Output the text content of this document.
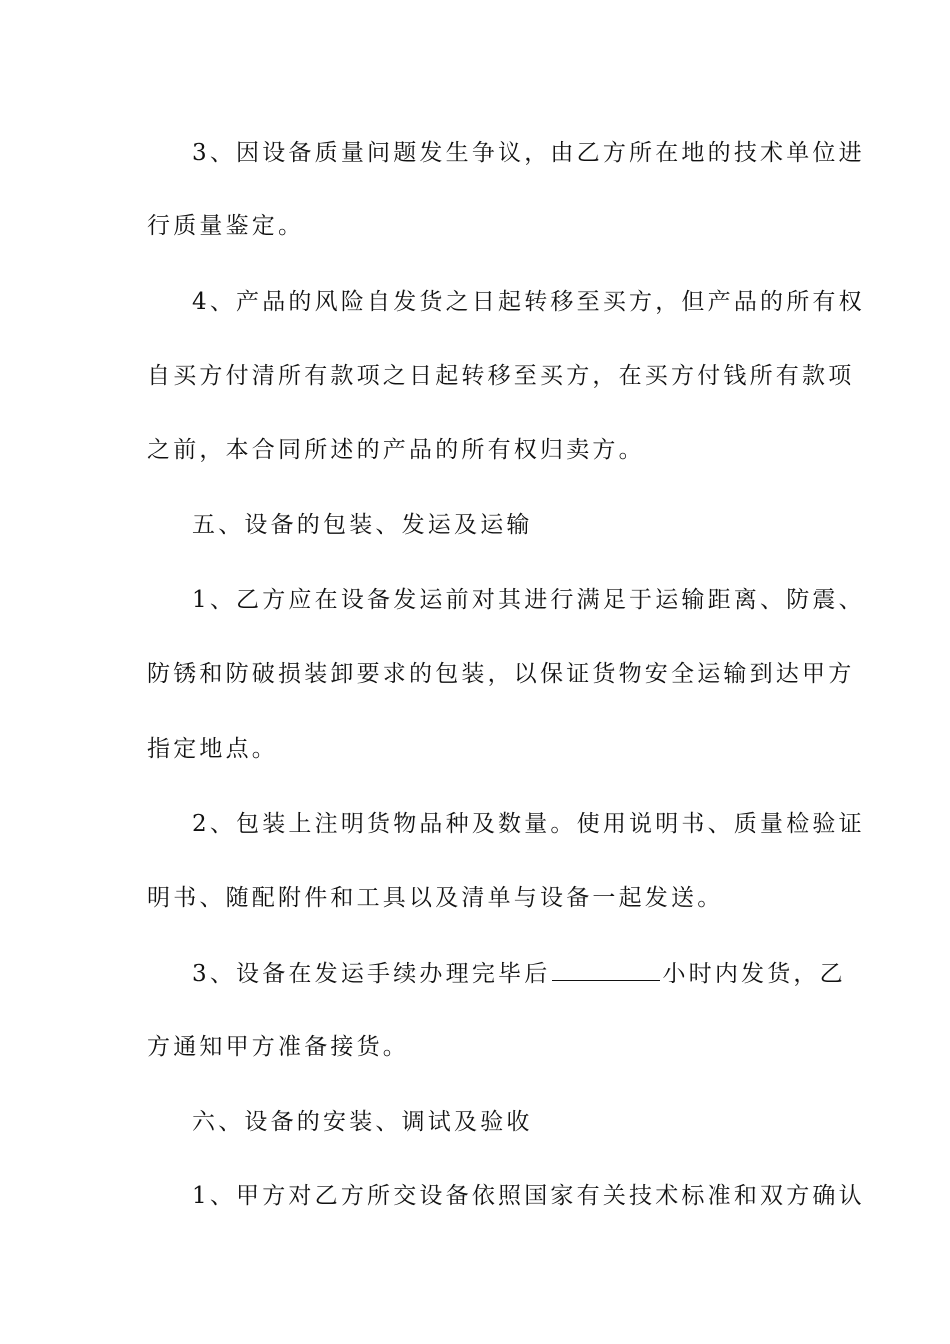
3、因设备质量问题发生争议，由乙方所在地的技术单位进
行质量鉴定。
4、产品的风险自发货之日起转移至买方，但产品的所有权
自买方付清所有款项之日起转移至买方，在买方付钱所有款项
之前，本合同所述的产品的所有权归卖方。
五、设备的包装、发运及运输
1、乙方应在设备发运前对其进行满足于运输距离、防震、
防锈和防破损装卸要求的包装，以保证货物安全运输到达甲方
指定地点。
2、包装上注明货物品种及数量。使用说明书、质量检验证
明书、随配附件和工具以及清单与设备一起发送。
3、设备在发运手续办理完毕后	小时内发货，乙
方通知甲方准备接货。
六、设备的安装、调试及验收
1、甲方对乙方所交设备依照国家有关技术标准和双方确认
